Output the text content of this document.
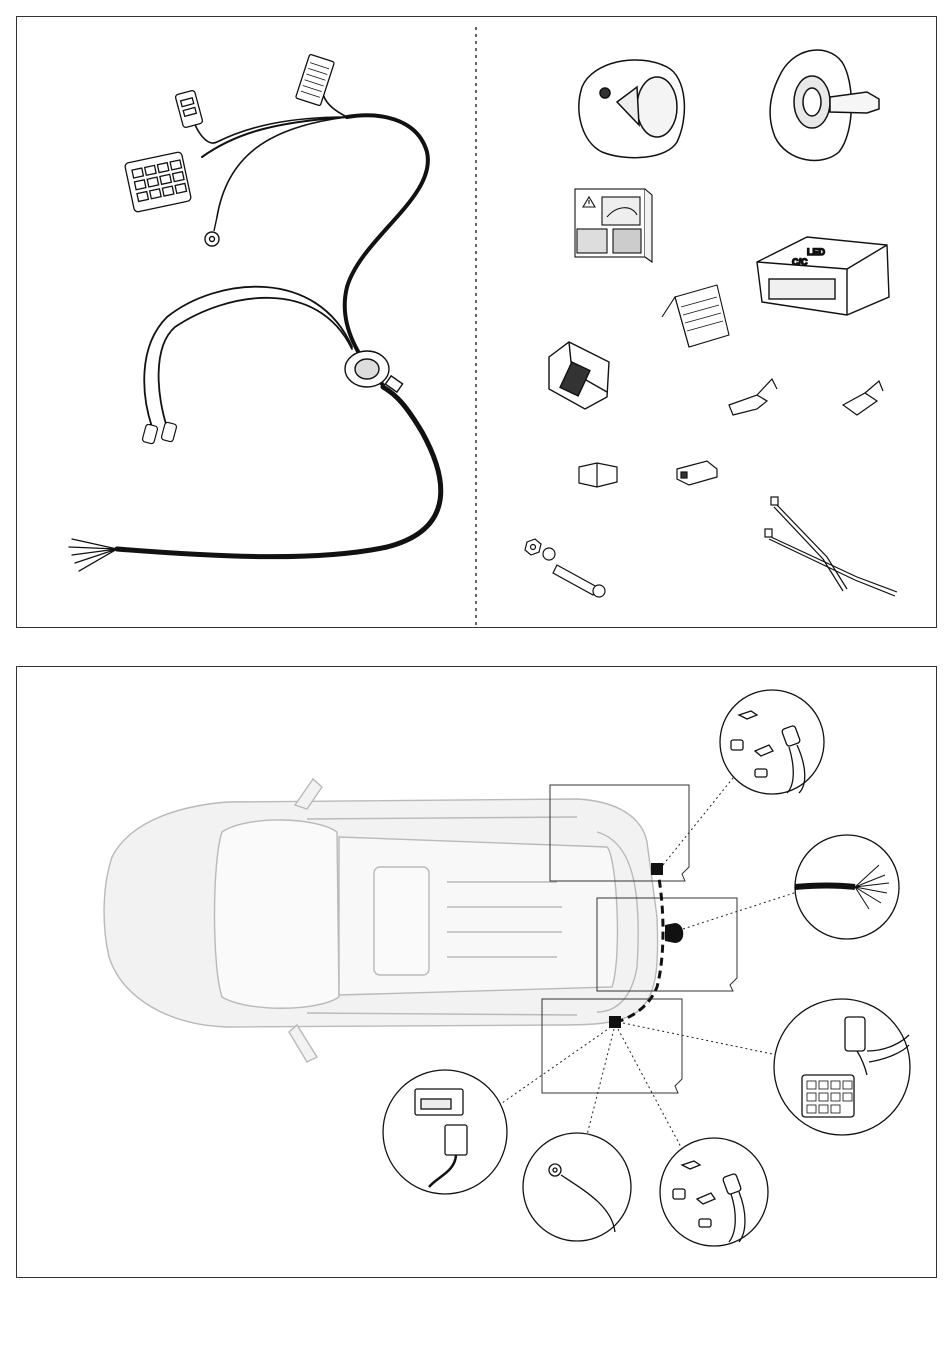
LED
C/C
